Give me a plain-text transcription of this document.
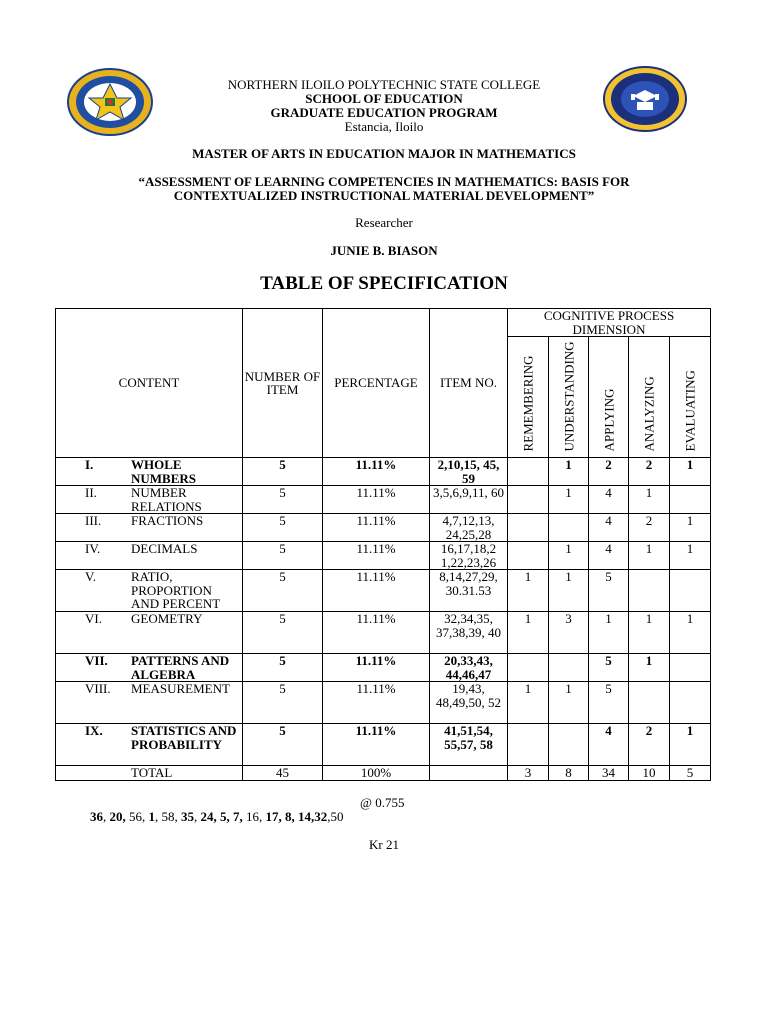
NORTHERN ILOILO POLYTECHNIC STATE COLLEGE
SCHOOL OF EDUCATION
GRADUATE EDUCATION PROGRAM
Estancia, Iloilo
MASTER OF ARTS IN EDUCATION MAJOR IN MATHEMATICS
“ASSESSMENT OF LEARNING COMPETENCIES IN MATHEMATICS: BASIS FOR
CONTEXTUALIZED INSTRUCTIONAL MATERIAL DEVELOPMENT”
Researcher
JUNIE B. BIASON
TABLE OF SPECIFICATION
CONTENT	NUMBER OF ITEM	PERCENTAGE	ITEM NO.	COGNITIVE PROCESS DIMENSION				

				REMEMBERING	UNDERSTANDING	APPLYING	ANALYZING	EVALUATING

I. WHOLE NUMBERS	5	11.11%	2,10,15, 45, 59		1	2	2	1
II. NUMBER RELATIONS	5	11.11%	3,5,6,9,11, 60		1	4	1	
III. FRACTIONS	5	11.11%	4,7,12,13, 24,25,28			4	2	1
IV. DECIMALS	5	11.11%	16,17,18,2 1,22,23,26		1	4	1	1
V. RATIO, PROPORTION AND PERCENT	5	11.11%	8,14,27,29, 30.31.53	1	1	5		
VI. GEOMETRY	5	11.11%	32,34,35, 37,38,39, 40	1	3	1	1	1
VII. PATTERNS AND ALGEBRA	5	11.11%	20,33,43, 44,46,47			5	1	
VIII. MEASUREMENT	5	11.11%	19,43, 48,49,50, 52	1	1	5		
IX. STATISTICS AND PROBABILITY	5	11.11%	41,51,54, 55,57, 58			4	2	1
TOTAL	45	100%		3	8	34	10	5
@ 0.755
36, 20, 56, 1, 58, 35, 24, 5, 7, 16, 17, 8, 14,32,50
Kr 21
